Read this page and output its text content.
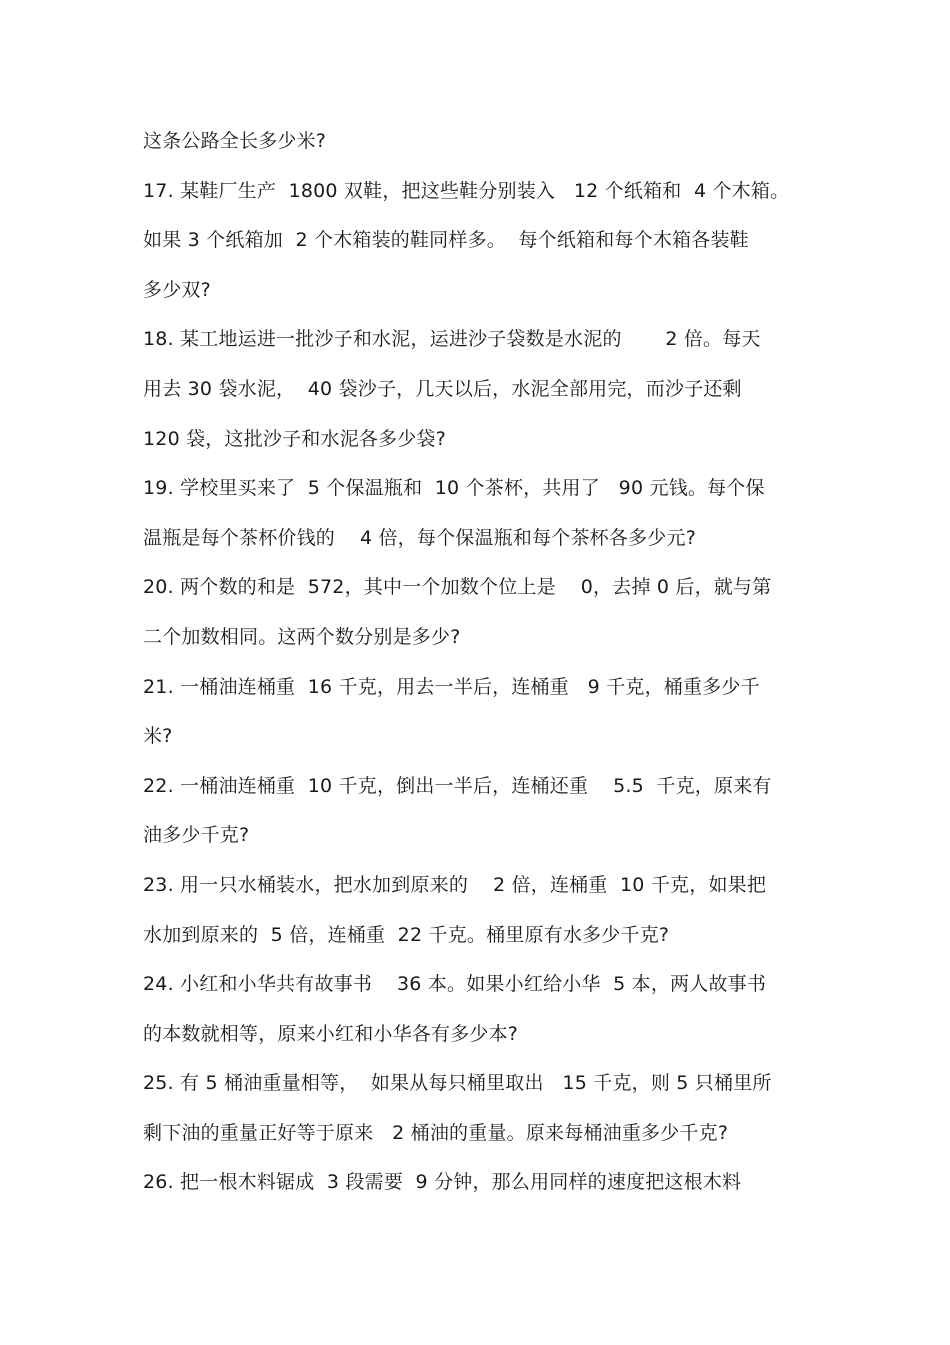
这条公路全长多少米?
17. 某鞋厂生产  1800 双鞋，把这些鞋分别装入   12 个纸箱和  4 个木箱。
如果 3 个纸箱加  2 个木箱装的鞋同样多。  每个纸箱和每个木箱各装鞋
多少双?
18. 某工地运进一批沙子和水泥，运进沙子袋数是水泥的       2 倍。每天
用去 30 袋水泥，  40 袋沙子，几天以后，水泥全部用完，而沙子还剩
120 袋，这批沙子和水泥各多少袋?
19. 学校里买来了  5 个保温瓶和  10 个茶杯，共用了   90 元钱。每个保
温瓶是每个茶杯价钱的    4 倍，每个保温瓶和每个茶杯各多少元?
20. 两个数的和是  572，其中一个加数个位上是    0，去掉 0 后，就与第
二个加数相同。这两个数分别是多少?
21. 一桶油连桶重  16 千克，用去一半后，连桶重   9 千克，桶重多少千
米?
22. 一桶油连桶重  10 千克，倒出一半后，连桶还重    5.5  千克，原来有
油多少千克?
23. 用一只水桶装水，把水加到原来的    2 倍，连桶重  10 千克，如果把
水加到原来的  5 倍，连桶重  22 千克。桶里原有水多少千克?
24. 小红和小华共有故事书    36 本。如果小红给小华  5 本，两人故事书
的本数就相等，原来小红和小华各有多少本?
25. 有 5 桶油重量相等，  如果从每只桶里取出   15 千克，则 5 只桶里所
剩下油的重量正好等于原来   2 桶油的重量。原来每桶油重多少千克?
26. 把一根木料锯成  3 段需要  9 分钟，那么用同样的速度把这根木料
